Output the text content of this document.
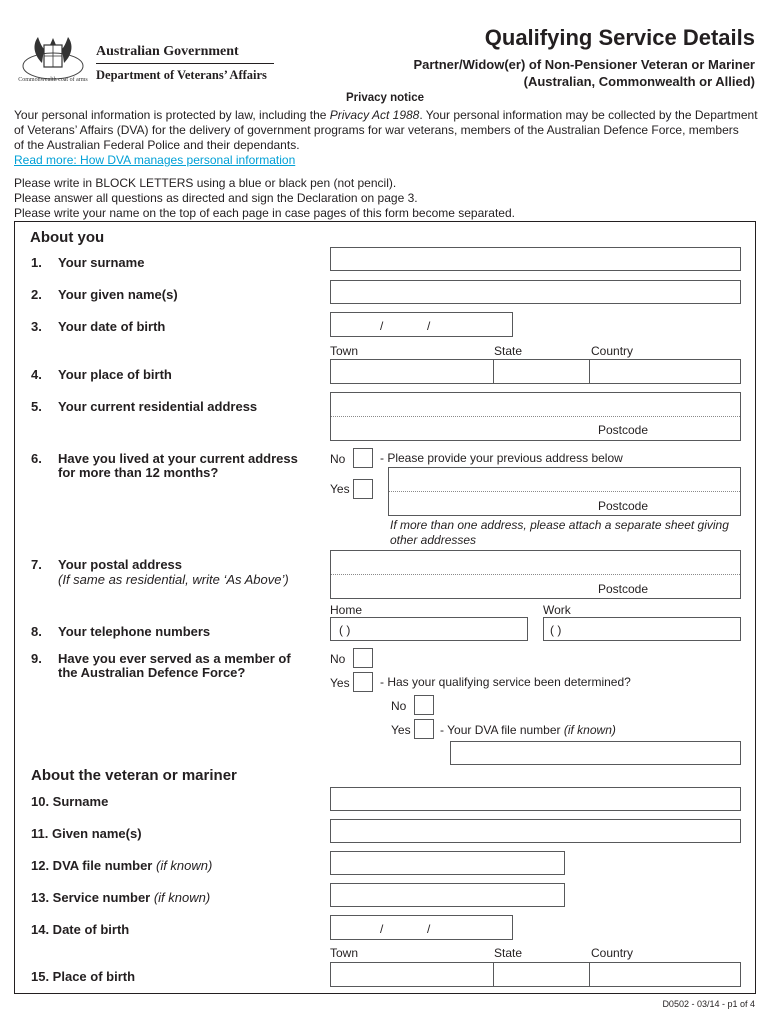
Commonwealth coat of arms
Australian Government
Department of Veterans’ Affairs
Qualifying Service Details
Partner/Widow(er) of Non-Pensioner Veteran or Mariner
(Australian, Commonwealth or Allied)
Privacy notice
Your personal information is protected by law, including the Privacy Act 1988. Your personal information may be collected by the Department
of Veterans’ Affairs (DVA) for the delivery of government programs for war veterans, members of the Australian Defence Force, members
of the Australian Federal Police and their dependants.
Read more: How DVA manages personal information
Please write in BLOCK LETTERS using a blue or black pen (not pencil).
Please answer all questions as directed and sign the Declaration on page 3.
Please write your name on the top of each page in case pages of this form become separated.
About you
1. Your surname
2. Your given name(s)
3. Your date of birth	/	/
Town	State	Country
4. Your place of birth
5. Your current residential address
Postcode
6. Have you lived at your current address
for more than 12 months?
No	- Please provide your previous address below
Yes
Postcode
If more than one address, please attach a separate sheet giving
other addresses
7. Your postal address
(If same as residential, write ‘As Above’)
Postcode
Home	Work
8. Your telephone numbers	( )	( )
9. Have you ever served as a member of
the Australian Defence Force?
No
Yes	- Has your qualifying service been determined?
No
Yes - Your DVA file number (if known)
About the veteran or mariner
10. Surname
11. Given name(s)
12. DVA file number (if known)
13. Service number (if known)
14. Date of birth	/	/
Town	State	Country
15. Place of birth
D0502 - 03/14 - p1 of 4
